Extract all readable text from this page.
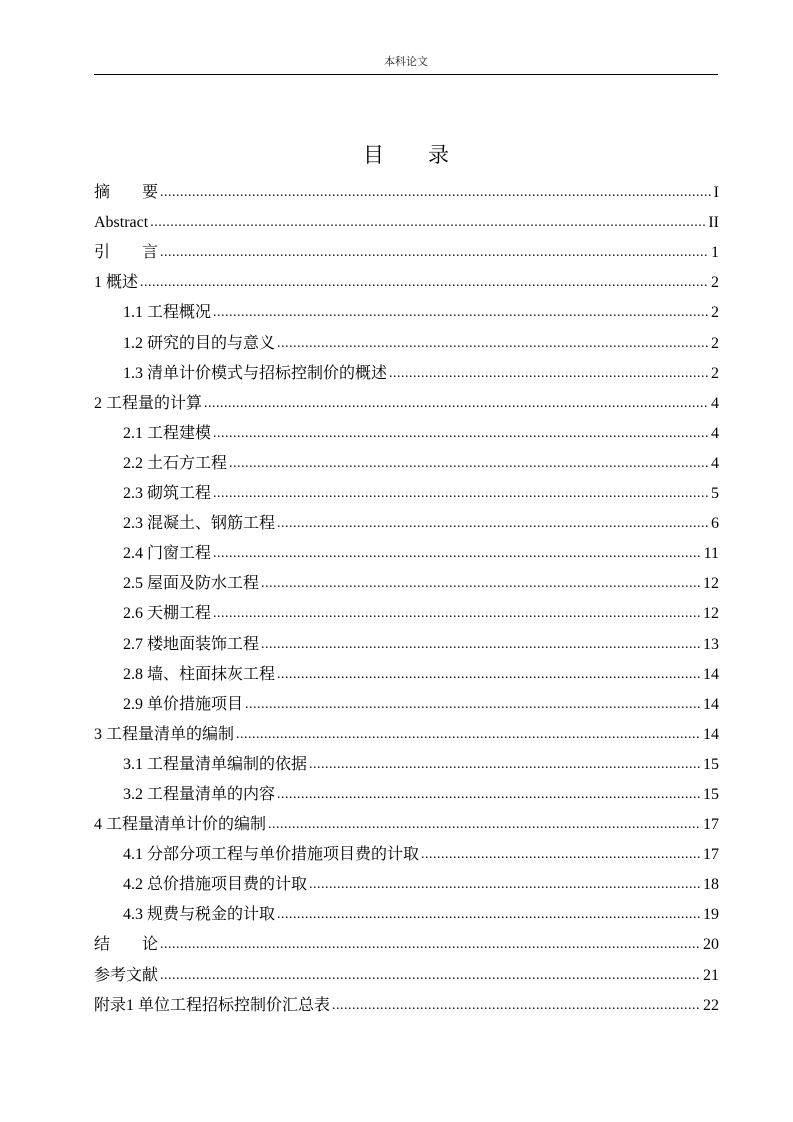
本科论文
目 录
摘　　要 .....	I
Abstract .....	II
引　　言 .....	1
1 概述 .....	2
1.1 工程概况 .....	2
1.2 研究的目的与意义 .....	2
1.3 清单计价模式与招标控制价的概述 .....	2
2 工程量的计算 .....	4
2.1 工程建模 .....	4
2.2 土石方工程 .....	4
2.3 砌筑工程 .....	5
2.3 混凝土、钢筋工程 .....	6
2.4 门窗工程 .....	11
2.5 屋面及防水工程 .....	12
2.6 天棚工程 .....	12
2.7 楼地面装饰工程 .....	13
2.8 墙、柱面抹灰工程 .....	14
2.9 单价措施项目 .....	14
3 工程量清单的编制 .....	14
3.1 工程量清单编制的依据 .....	15
3.2 工程量清单的内容 .....	15
4 工程量清单计价的编制 .....	17
4.1 分部分项工程与单价措施项目费的计取 .....	17
4.2 总价措施项目费的计取 .....	18
4.3 规费与税金的计取 .....	19
结　　论 .....	20
参考文献 .....	21
附录1 单位工程招标控制价汇总表 .....	22
